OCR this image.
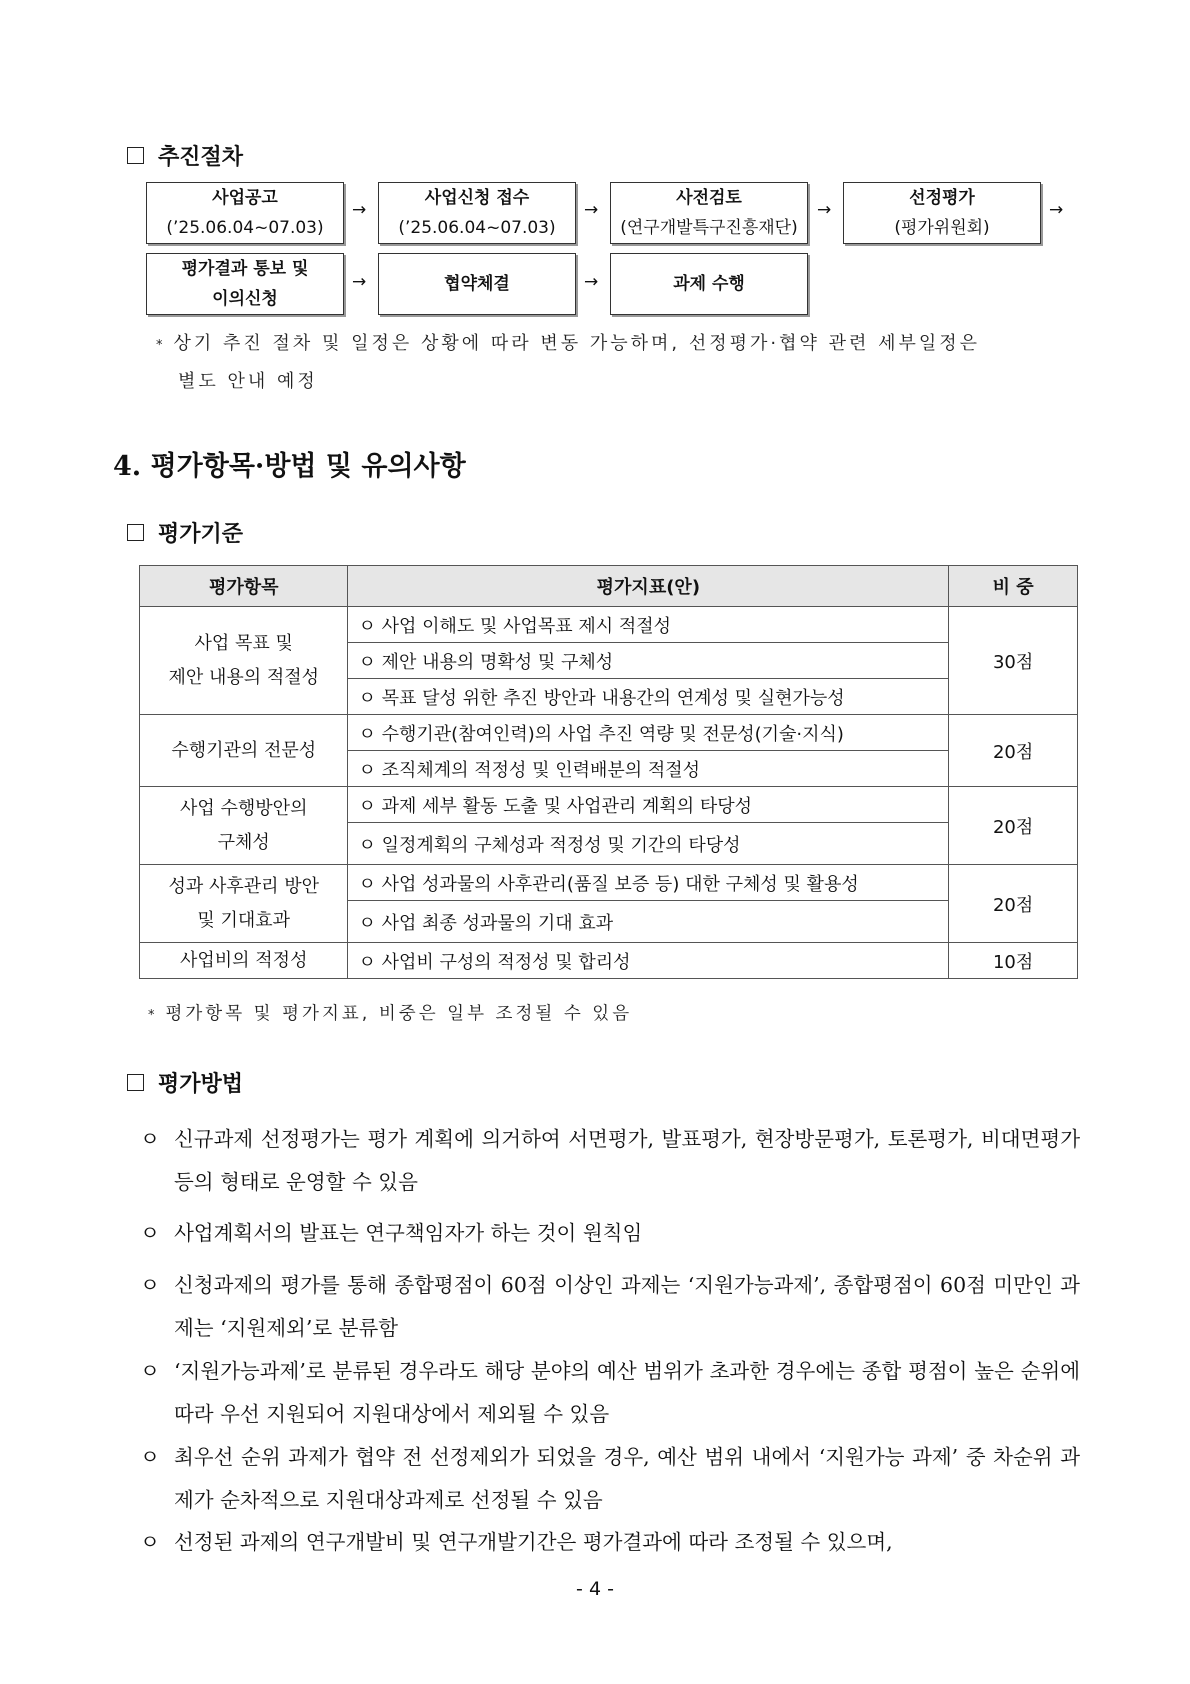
추진절차
사업공고
(’25.06.04~07.03)
→
사업신청 접수
(’25.06.04~07.03)
→
사전검토
(연구개발특구진흥재단)
→
선정평가
(평가위원회)
→
평가결과 통보 및
이의신청
→	협약체결	→	과제 수행
* 상기 추진 절차 및 일정은 상황에 따라 변동 가능하며, 선정평가·협약 관련 세부일정은
별도 안내 예정
4. 평가항목·방법 및 유의사항
평가기준
평가항목	평가지표(안)	비 중

사업 목표 및
제안 내용의 적절성	ㅇ 사업 이해도 및 사업목표 제시 적절성	30점
	ㅇ 제안 내용의 명확성 및 구체성	
	ㅇ 목표 달성 위한 추진 방안과 내용간의 연계성 및 실현가능성	

수행기관의 전문성	ㅇ 수행기관(참여인력)의 사업 추진 역량 및 전문성(기술·지식)	20점
	ㅇ 조직체계의 적정성 및 인력배분의 적절성	

사업 수행방안의
구체성	ㅇ 과제 세부 활동 도출 및 사업관리 계획의 타당성	20점
	ㅇ 일정계획의 구체성과 적정성 및 기간의 타당성	

성과 사후관리 방안
및 기대효과	ㅇ 사업 성과물의 사후관리(품질 보증 등) 대한 구체성 및 활용성	20점
	ㅇ 사업 최종 성과물의 기대 효과	

사업비의 적정성	ㅇ 사업비 구성의 적정성 및 합리성	10점
* 평가항목 및 평가지표, 비중은 일부 조정될 수 있음
평가방법
ㅇ 신규과제 선정평가는 평가 계획에 의거하여 서면평가, 발표평가, 현장방문평가, 토론평가, 비대면평가 등의 형태로 운영할 수 있음
ㅇ 사업계획서의 발표는 연구책임자가 하는 것이 원칙임
ㅇ 신청과제의 평가를 통해 종합평점이 60점 이상인 과제는 ‘지원가능과제’, 종합평점이 60점 미만인 과제는 ‘지원제외’로 분류함
ㅇ ‘지원가능과제’로 분류된 경우라도 해당 분야의 예산 범위가 초과한 경우에는 종합 평점이 높은 순위에 따라 우선 지원되어 지원대상에서 제외될 수 있음
ㅇ 최우선 순위 과제가 협약 전 선정제외가 되었을 경우, 예산 범위 내에서 ‘지원가능 과제’ 중 차순위 과제가 순차적으로 지원대상과제로 선정될 수 있음
ㅇ 선정된 과제의 연구개발비 및 연구개발기간은 평가결과에 따라 조정될 수 있으며,
- 4 -
